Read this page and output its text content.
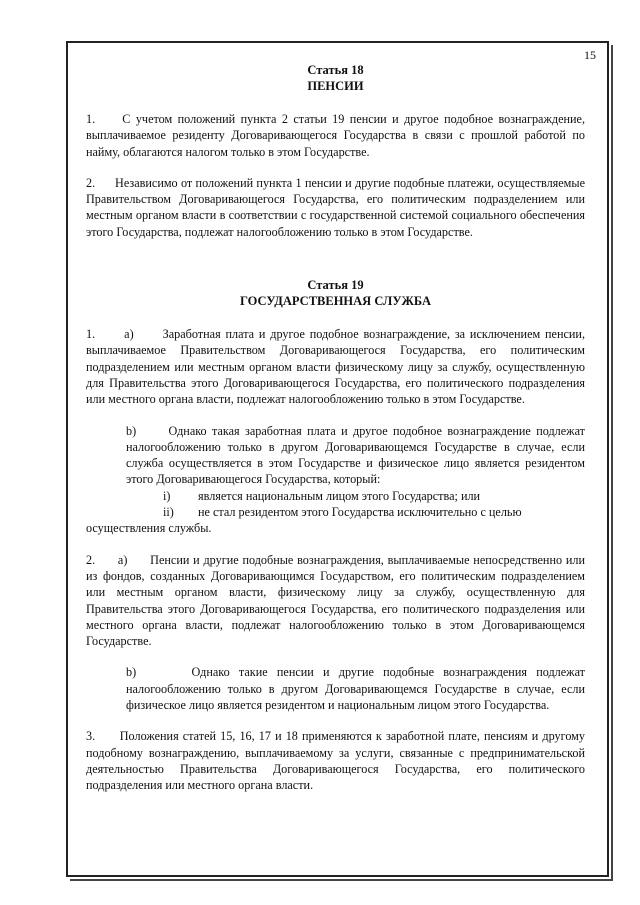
15
Статья 18
ПЕНСИИ

1.     С учетом положений пункта 2 статьи 19 пенсии и другое подобное вознаграждение, выплачиваемое резиденту Договаривающегося Государства в связи с прошлой работой по найму, облагаются налогом только в этом Государстве.

2.      Независимо от положений пункта 1 пенсии и другие подобные платежи, осуществляемые Правительством Договаривающегося Государства, его политическим подразделением или местным органом власти в соответствии с государственной системой социального обеспечения этого Государства, подлежат налогообложению только в этом Государстве.

Статья 19
ГОСУДАРСТВЕННАЯ СЛУЖБА

1.      a)      Заработная плата и другое подобное вознаграждение, за исключением пенсии, выплачиваемое Правительством Договаривающегося Государства, его политическим подразделением или местным органом власти физическому лицу за службу, осуществленную для Правительства этого Договаривающегося Государства, его политического подразделения или местного органа власти, подлежат налогообложению только в этом Государстве.

b)      Однако такая заработная плата и другое подобное вознаграждение подлежат налогообложению только в другом Договаривающемся Государстве в случае, если служба осуществляется в этом Государстве и физическое лицо является резидентом этого Договаривающегося Государства, который:

i)	является национальным лицом этого Государства; или
ii)	не стал резидентом этого Государства исключительно с целью

осуществления службы.

2.      a)      Пенсии и другие подобные вознаграждения, выплачиваемые непосредственно или из фондов, созданных Договаривающимся Государством, его политическим подразделением или местным органом власти, физическому лицу за службу, осуществленную для Правительства этого Договаривающегося Государства, его политического подразделения или местного органа власти, подлежат налогообложению только в этом Договаривающемся Государстве.

b)      Однако такие пенсии и другие подобные вознаграждения подлежат налогообложению только в другом Договаривающемся Государстве в случае, если физическое лицо является резидентом и национальным лицом этого Государства.

3.      Положения статей 15, 16, 17 и 18 применяются к заработной плате, пенсиям и другому подобному вознаграждению, выплачиваемому за услуги, связанные с предпринимательской деятельностью Правительства Договаривающегося Государства, его политического подразделения или местного органа власти.
